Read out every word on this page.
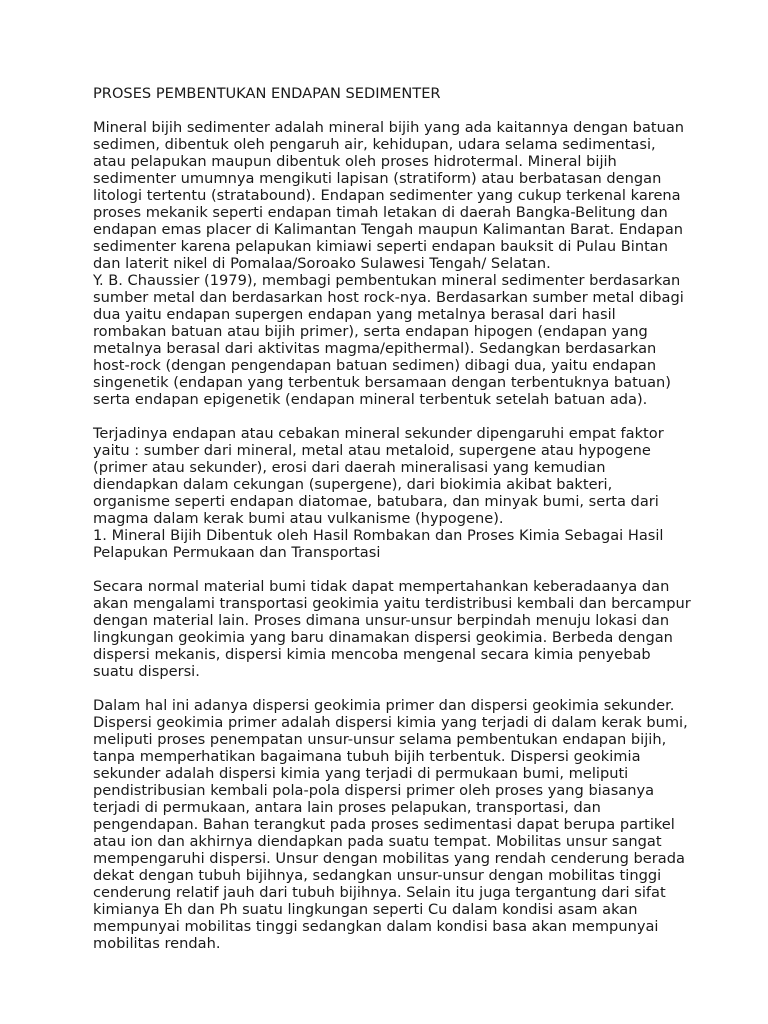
PROSES PEMBENTUKAN ENDAPAN SEDIMENTER
Mineral bijih sedimenter adalah mineral bijih yang ada kaitannya dengan batuan
sedimen, dibentuk oleh pengaruh air, kehidupan, udara selama sedimentasi,
atau pelapukan maupun dibentuk oleh proses hidrotermal. Mineral bijih
sedimenter umumnya mengikuti lapisan (stratiform) atau berbatasan dengan
litologi tertentu (stratabound). Endapan sedimenter yang cukup terkenal karena
proses mekanik seperti endapan timah letakan di daerah Bangka-Belitung dan
endapan emas placer di Kalimantan Tengah maupun Kalimantan Barat. Endapan
sedimenter karena pelapukan kimiawi seperti endapan bauksit di Pulau Bintan
dan laterit nikel di Pomalaa/Soroako Sulawesi Tengah/ Selatan.
Y. B. Chaussier (1979), membagi pembentukan mineral sedimenter berdasarkan
sumber metal dan berdasarkan host rock-nya. Berdasarkan sumber metal dibagi
dua yaitu endapan supergen endapan yang metalnya berasal dari hasil
rombakan batuan atau bijih primer), serta endapan hipogen (endapan yang
metalnya berasal dari aktivitas magma/epithermal). Sedangkan berdasarkan
host-rock (dengan pengendapan batuan sedimen) dibagi dua, yaitu endapan
singenetik (endapan yang terbentuk bersamaan dengan terbentuknya batuan)
serta endapan epigenetik (endapan mineral terbentuk setelah batuan ada).
Terjadinya endapan atau cebakan mineral sekunder dipengaruhi empat faktor
yaitu : sumber dari mineral, metal atau metaloid, supergene atau hypogene
(primer atau sekunder), erosi dari daerah mineralisasi yang kemudian
diendapkan dalam cekungan (supergene), dari biokimia akibat bakteri,
organisme seperti endapan diatomae, batubara, dan minyak bumi, serta dari
magma dalam kerak bumi atau vulkanisme (hypogene).
1. Mineral Bijih Dibentuk oleh Hasil Rombakan dan Proses Kimia Sebagai Hasil
Pelapukan Permukaan dan Transportasi
Secara normal material bumi tidak dapat mempertahankan keberadaanya dan
akan mengalami transportasi geokimia yaitu terdistribusi kembali dan bercampur
dengan material lain. Proses dimana unsur-unsur berpindah menuju lokasi dan
lingkungan geokimia yang baru dinamakan dispersi geokimia. Berbeda dengan
dispersi mekanis, dispersi kimia mencoba mengenal secara kimia penyebab
suatu dispersi.
Dalam hal ini adanya dispersi geokimia primer dan dispersi geokimia sekunder.
Dispersi geokimia primer adalah dispersi kimia yang terjadi di dalam kerak bumi,
meliputi proses penempatan unsur-unsur selama pembentukan endapan bijih,
tanpa memperhatikan bagaimana tubuh bijih terbentuk. Dispersi geokimia
sekunder adalah dispersi kimia yang terjadi di permukaan bumi, meliputi
pendistribusian kembali pola-pola dispersi primer oleh proses yang biasanya
terjadi di permukaan, antara lain proses pelapukan, transportasi, dan
pengendapan. Bahan terangkut pada proses sedimentasi dapat berupa partikel
atau ion dan akhirnya diendapkan pada suatu tempat. Mobilitas unsur sangat
mempengaruhi dispersi. Unsur dengan mobilitas yang rendah cenderung berada
dekat dengan tubuh bijihnya, sedangkan unsur-unsur dengan mobilitas tinggi
cenderung relatif jauh dari tubuh bijihnya. Selain itu juga tergantung dari sifat
kimianya Eh dan Ph suatu lingkungan seperti Cu dalam kondisi asam akan
mempunyai mobilitas tinggi sedangkan dalam kondisi basa akan mempunyai
mobilitas rendah.
